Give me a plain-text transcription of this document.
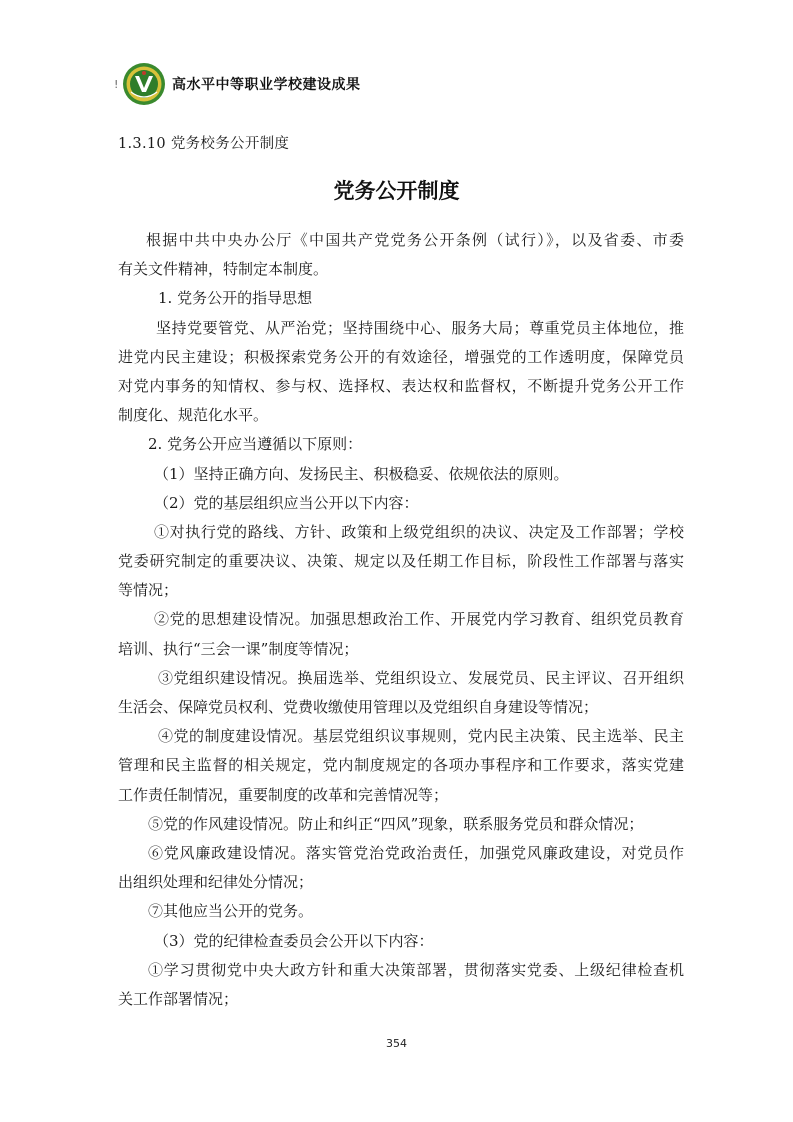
!	高水平中等职业学校建设成果
1.3.10 党务校务公开制度
党务公开制度
根据中共中央办公厅《中国共产党党务公开条例（试行）》，以及省委、市委
有关文件精神，特制定本制度。
1. 党务公开的指导思想
坚持党要管党、从严治党；坚持围绕中心、服务大局；尊重党员主体地位，推
进党内民主建设；积极探索党务公开的有效途径，增强党的工作透明度，保障党员
对党内事务的知情权、参与权、选择权、表达权和监督权，不断提升党务公开工作
制度化、规范化水平。
2. 党务公开应当遵循以下原则：
（1）坚持正确方向、发扬民主、积极稳妥、依规依法的原则。
（2）党的基层组织应当公开以下内容：
①对执行党的路线、方针、政策和上级党组织的决议、决定及工作部署；学校
党委研究制定的重要决议、决策、规定以及任期工作目标，阶段性工作部署与落实
等情况；
②党的思想建设情况。加强思想政治工作、开展党内学习教育、组织党员教育
培训、执行“三会一课”制度等情况；
③党组织建设情况。换届选举、党组织设立、发展党员、民主评议、召开组织
生活会、保障党员权利、党费收缴使用管理以及党组织自身建设等情况；
④党的制度建设情况。基层党组织议事规则，党内民主决策、民主选举、民主
管理和民主监督的相关规定，党内制度规定的各项办事程序和工作要求，落实党建
工作责任制情况，重要制度的改革和完善情况等；
⑤党的作风建设情况。防止和纠正“四风”现象，联系服务党员和群众情况；
⑥党风廉政建设情况。落实管党治党政治责任，加强党风廉政建设，对党员作
出组织处理和纪律处分情况；
⑦其他应当公开的党务。
（3）党的纪律检查委员会公开以下内容：
①学习贯彻党中央大政方针和重大决策部署，贯彻落实党委、上级纪律检查机
关工作部署情况；
354
